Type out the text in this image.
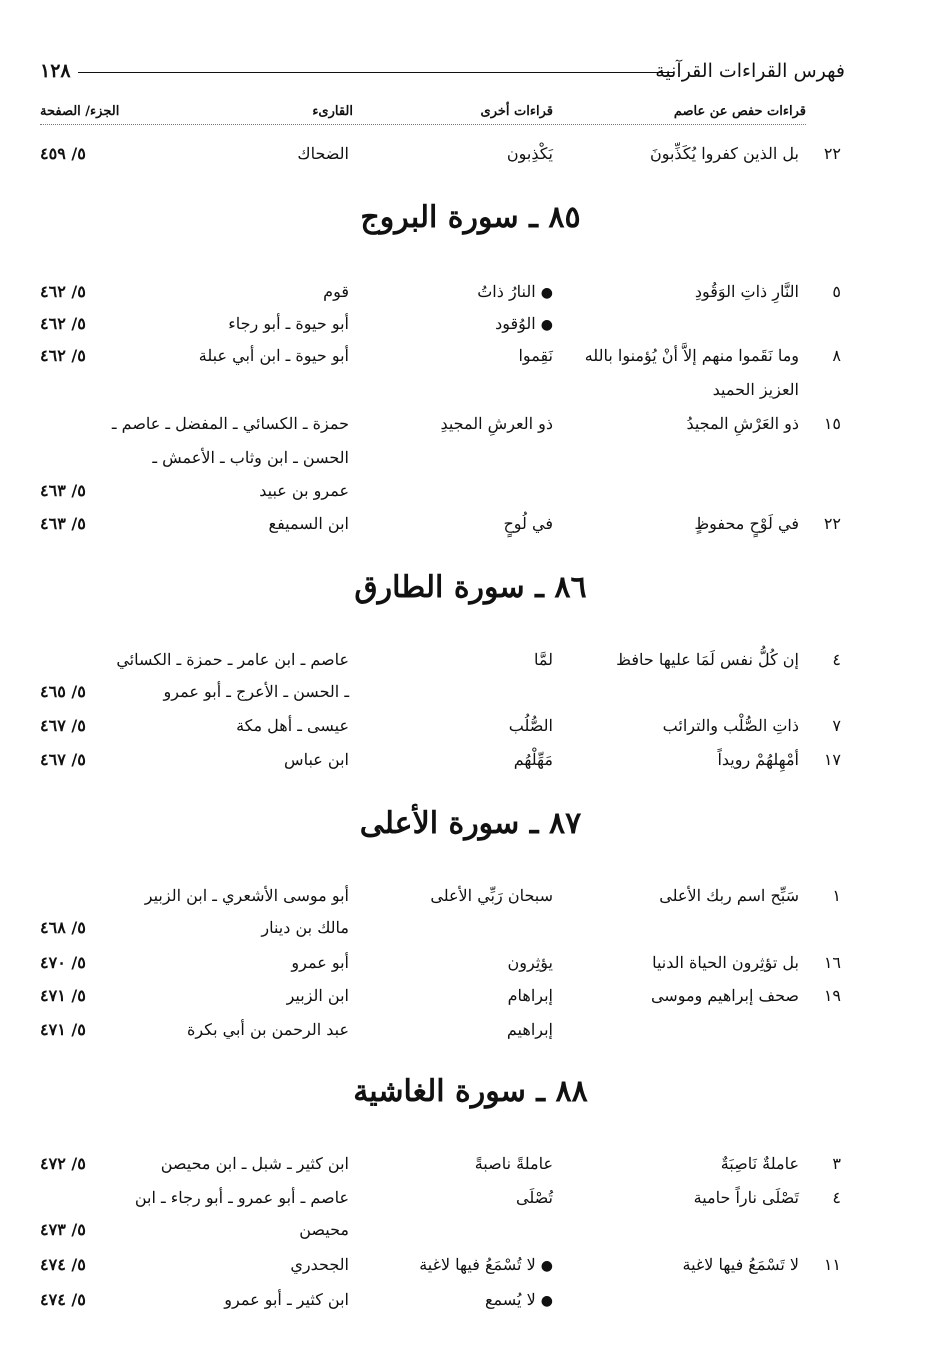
فهرس القراءات القرآنية
١٢٨
قراءات حفص عن عاصم
قراءات أخرى
القارىء
الجزء/ الصفحة
٢٢
بل الذين كفروا يُكَذِّبونَ
يَكْذِبون
الضحاك
٥/ ٤٥٩
٨٥ ـ سورة البروج
٥
النَّارِ ذاتِ الوَقُودِ
● النارُ ذاتُ
قوم
٥/ ٤٦٢
● الوُقود
أبو حيوة ـ أبو رجاء
٥/ ٤٦٢
٨
وما نَقَموا منهم إلاَّ أنْ يُؤمنوا بالله
نَقِموا
أبو حيوة ـ ابن أبي عبلة
٥/ ٤٦٢
العزيز الحميد
١٥
ذو العَرْشِ المجيدُ
ذو العرشِ المجيدِ
حمزة ـ الكسائي ـ المفضل ـ عاصم ـ
الحسن ـ ابن وثاب ـ الأعمش ـ
عمرو بن عبيد
٥/ ٤٦٣
٢٢
في لَوْحٍ محفوظٍ
في لُوحٍ
ابن السميفع
٥/ ٤٦٣
٨٦ ـ سورة الطارق
٤
إن كُلُّ نفس لَمَا عليها حافظ
لمَّا
عاصم ـ ابن عامر ـ حمزة ـ الكسائي
ـ الحسن ـ الأعرج ـ أبو عمرو
٥/ ٤٦٥
٧
ذاتِ الصُّلْب والترائب
الصُّلُب
عيسى ـ أهل مكة
٥/ ٤٦٧
١٧
أمْهِلهُمْ رويداً
مَهِّلْهُم
ابن عباس
٥/ ٤٦٧
٨٧ ـ سورة الأعلى
١
سَبِّح اسم ربك الأعلى
سبحان رَبِّي الأعلى
أبو موسى الأشعري ـ ابن الزبير
مالك بن دينار
٥/ ٤٦٨
١٦
بل تؤثِرون الحياة الدنيا
يؤثِرون
أبو عمرو
٥/ ٤٧٠
١٩
صحف إبراهيم وموسى
إبراهام
ابن الزبير
٥/ ٤٧١
إبراهيم
عبد الرحمن بن أبي بكرة
٥/ ٤٧١
٨٨ ـ سورة الغاشية
٣
عاملةٌ نَاصِبَةٌ
عاملةً ناصبةً
ابن كثير ـ شبل ـ ابن محيصن
٥/ ٤٧٢
٤
تَصْلَى ناراً حامية
تُصْلَى
عاصم ـ أبو عمرو ـ أبو رجاء ـ ابن
محيصن
٥/ ٤٧٣
١١
لا تَسْمَعُ فيها لاغية
● لا تُسْمَعُ فيها لاغية
الجحدري
٥/ ٤٧٤
● لا يُسمع
ابن كثير ـ أبو عمرو
٥/ ٤٧٤
